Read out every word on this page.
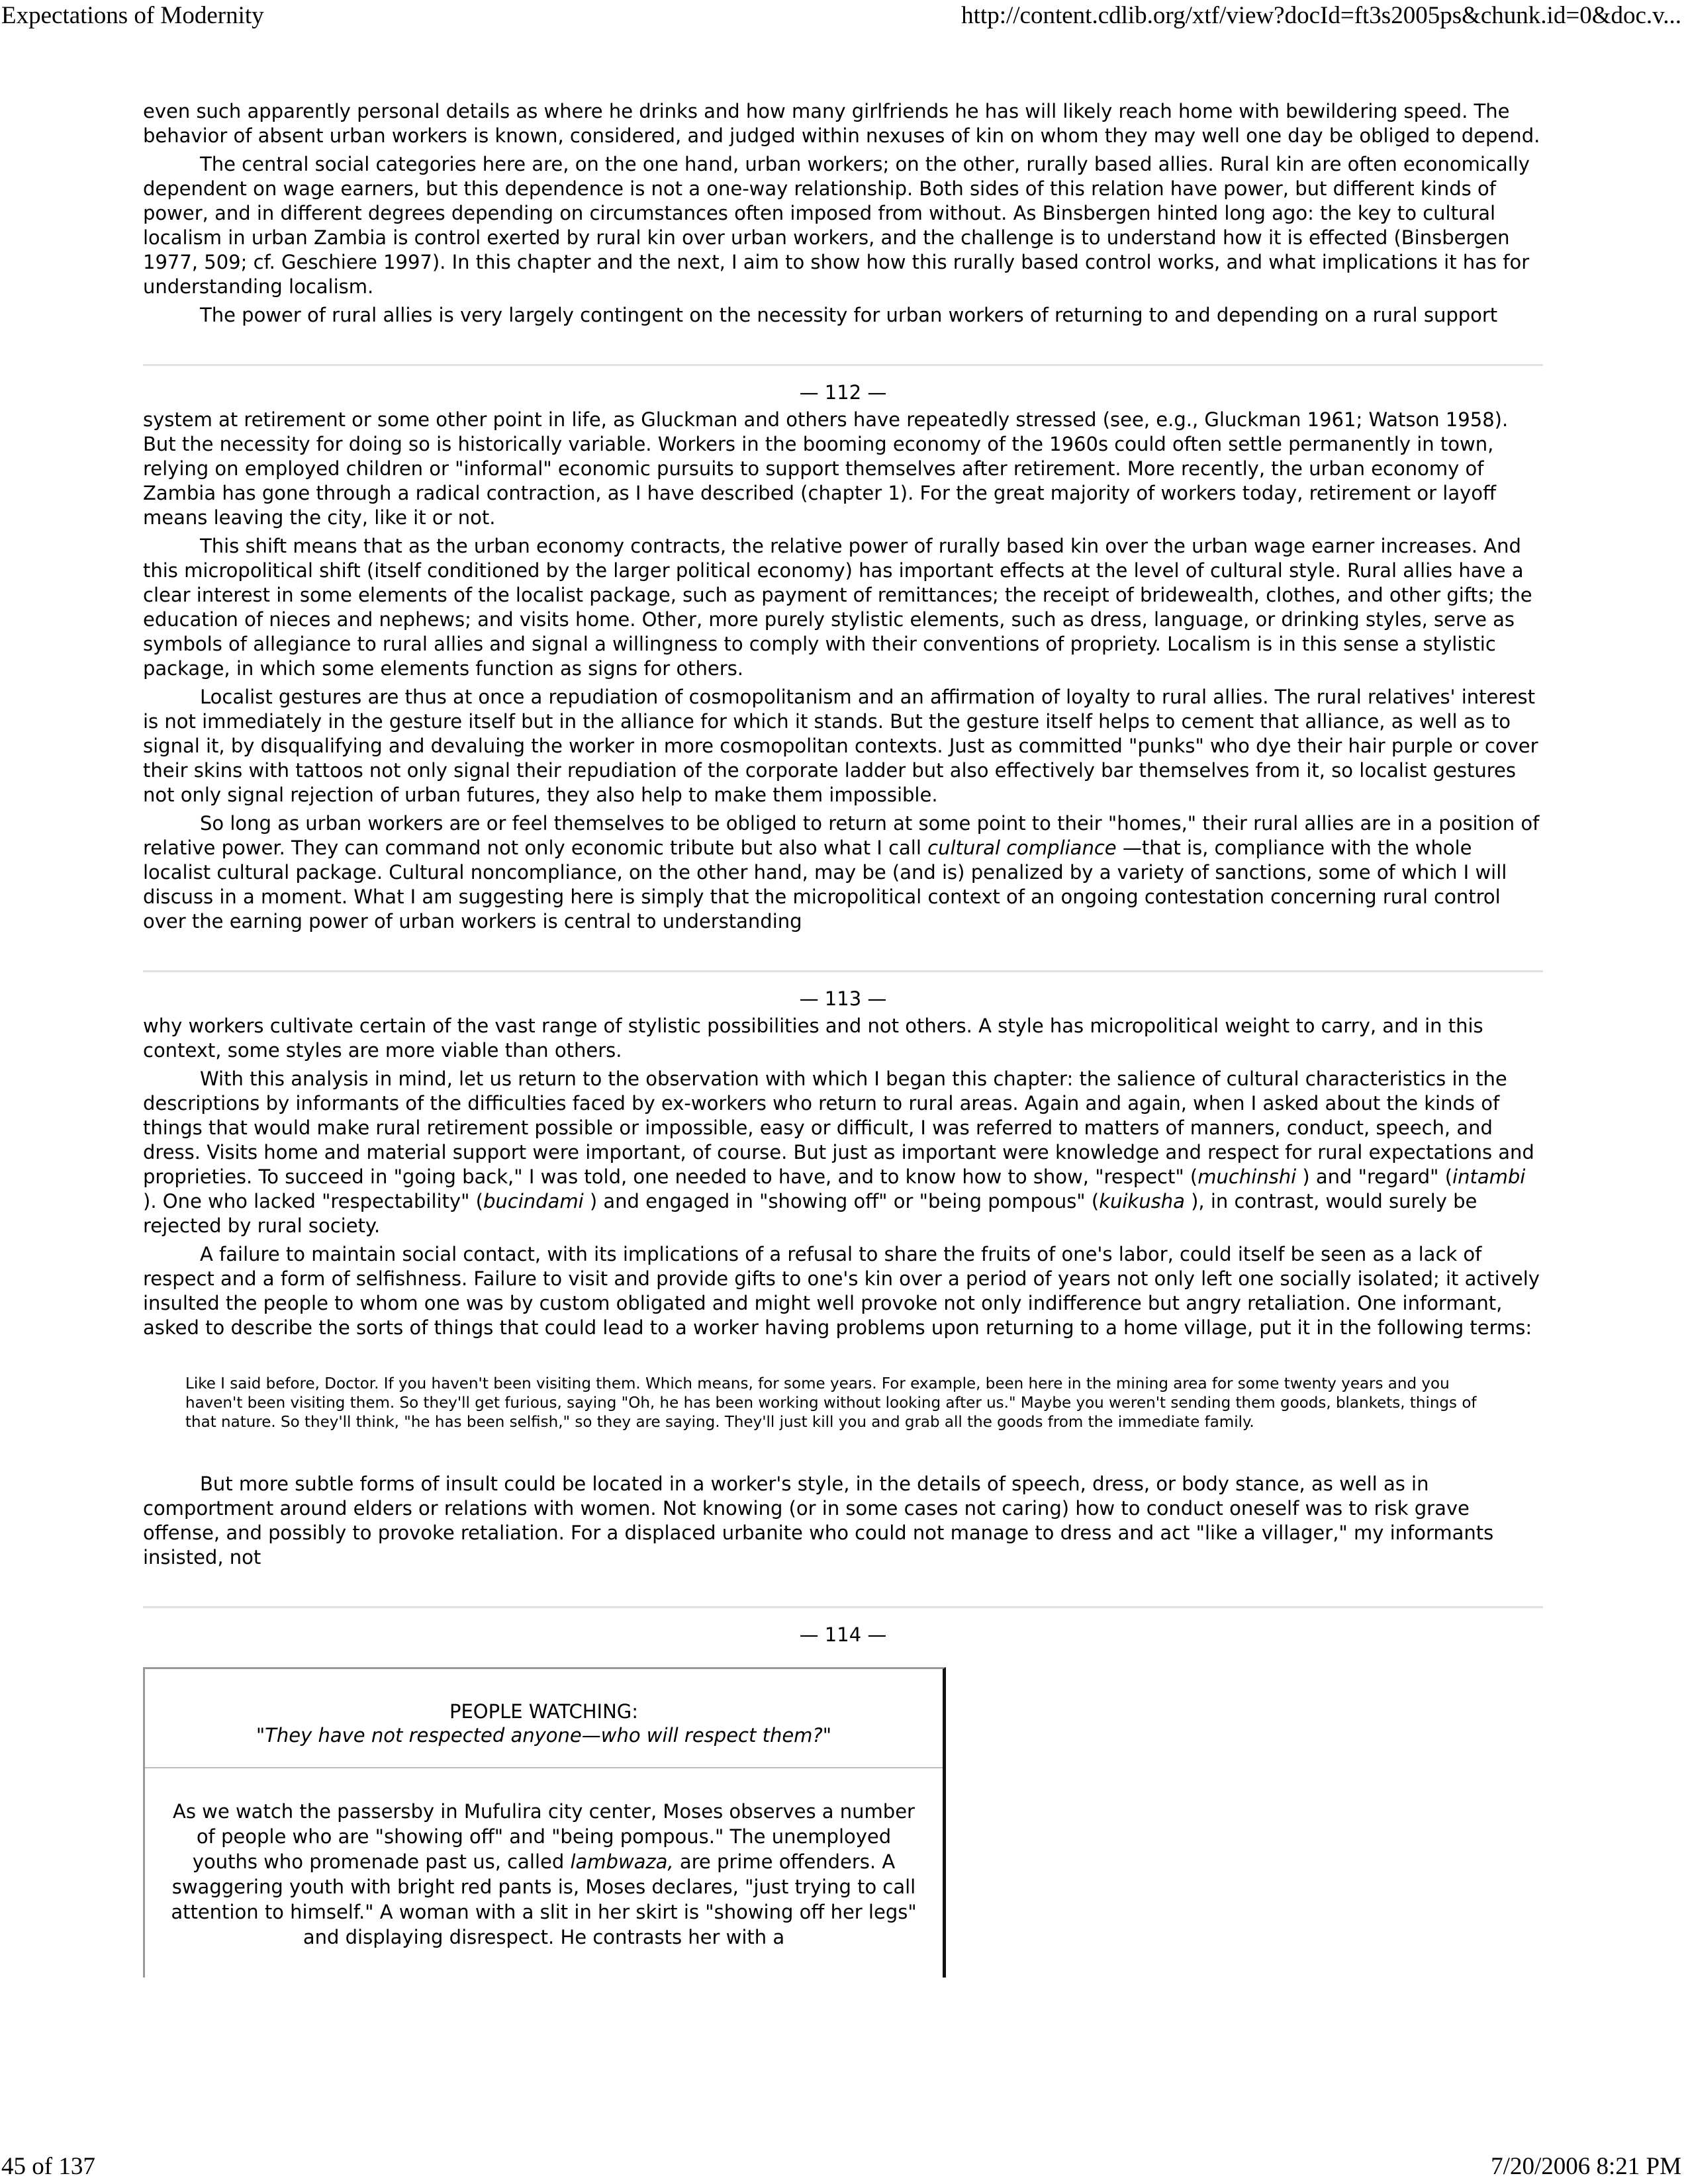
Expectations of Modernity	http://content.cdlib.org/xtf/view?docId=ft3s2005ps&chunk.id=0&doc.v...

even such apparently personal details as where he drinks and how many girlfriends he has will likely reach home with bewildering speed. The behavior of absent urban workers is known, considered, and judged within nexuses of kin on whom they may well one day be obliged to depend.

The central social categories here are, on the one hand, urban workers; on the other, rurally based allies. Rural kin are often economically dependent on wage earners, but this dependence is not a one-way relationship. Both sides of this relation have power, but different kinds of power, and in different degrees depending on circumstances often imposed from without. As Binsbergen hinted long ago: the key to cultural localism in urban Zambia is control exerted by rural kin over urban workers, and the challenge is to understand how it is effected (Binsbergen 1977, 509; cf. Geschiere 1997). In this chapter and the next, I aim to show how this rurally based control works, and what implications it has for understanding localism.

The power of rural allies is very largely contingent on the necessity for urban workers of returning to and depending on a rural support

— 112 —

system at retirement or some other point in life, as Gluckman and others have repeatedly stressed (see, e.g., Gluckman 1961; Watson 1958). But the necessity for doing so is historically variable. Workers in the booming economy of the 1960s could often settle permanently in town, relying on employed children or "informal" economic pursuits to support themselves after retirement. More recently, the urban economy of Zambia has gone through a radical contraction, as I have described (chapter 1). For the great majority of workers today, retirement or layoff means leaving the city, like it or not.

This shift means that as the urban economy contracts, the relative power of rurally based kin over the urban wage earner increases. And this micropolitical shift (itself conditioned by the larger political economy) has important effects at the level of cultural style. Rural allies have a clear interest in some elements of the localist package, such as payment of remittances; the receipt of bridewealth, clothes, and other gifts; the education of nieces and nephews; and visits home. Other, more purely stylistic elements, such as dress, language, or drinking styles, serve as symbols of allegiance to rural allies and signal a willingness to comply with their conventions of propriety. Localism is in this sense a stylistic package, in which some elements function as signs for others.

Localist gestures are thus at once a repudiation of cosmopolitanism and an affirmation of loyalty to rural allies. The rural relatives' interest is not immediately in the gesture itself but in the alliance for which it stands. But the gesture itself helps to cement that alliance, as well as to signal it, by disqualifying and devaluing the worker in more cosmopolitan contexts. Just as committed "punks" who dye their hair purple or cover their skins with tattoos not only signal their repudiation of the corporate ladder but also effectively bar themselves from it, so localist gestures not only signal rejection of urban futures, they also help to make them impossible.

So long as urban workers are or feel themselves to be obliged to return at some point to their "homes," their rural allies are in a position of relative power. They can command not only economic tribute but also what I call cultural compliance —that is, compliance with the whole localist cultural package. Cultural noncompliance, on the other hand, may be (and is) penalized by a variety of sanctions, some of which I will discuss in a moment. What I am suggesting here is simply that the micropolitical context of an ongoing contestation concerning rural control over the earning power of urban workers is central to understanding

— 113 —

why workers cultivate certain of the vast range of stylistic possibilities and not others. A style has micropolitical weight to carry, and in this context, some styles are more viable than others.

With this analysis in mind, let us return to the observation with which I began this chapter: the salience of cultural characteristics in the descriptions by informants of the difficulties faced by ex-workers who return to rural areas. Again and again, when I asked about the kinds of things that would make rural retirement possible or impossible, easy or difficult, I was referred to matters of manners, conduct, speech, and dress. Visits home and material support were important, of course. But just as important were knowledge and respect for rural expectations and proprieties. To succeed in "going back," I was told, one needed to have, and to know how to show, "respect" (muchinshi ) and "regard" (intambi ). One who lacked "respectability" (bucindami ) and engaged in "showing off" or "being pompous" (kuikusha ), in contrast, would surely be rejected by rural society.

A failure to maintain social contact, with its implications of a refusal to share the fruits of one's labor, could itself be seen as a lack of respect and a form of selfishness. Failure to visit and provide gifts to one's kin over a period of years not only left one socially isolated; it actively insulted the people to whom one was by custom obligated and might well provoke not only indifference but angry retaliation. One informant, asked to describe the sorts of things that could lead to a worker having problems upon returning to a home village, put it in the following terms:

Like I said before, Doctor. If you haven't been visiting them. Which means, for some years. For example, been here in the mining area for some twenty years and you haven't been visiting them. So they'll get furious, saying "Oh, he has been working without looking after us." Maybe you weren't sending them goods, blankets, things of that nature. So they'll think, "he has been selfish," so they are saying. They'll just kill you and grab all the goods from the immediate family.

But more subtle forms of insult could be located in a worker's style, in the details of speech, dress, or body stance, as well as in comportment around elders or relations with women. Not knowing (or in some cases not caring) how to conduct oneself was to risk grave offense, and possibly to provoke retaliation. For a displaced urbanite who could not manage to dress and act "like a villager," my informants insisted, not

— 114 —
PEOPLE WATCHING:
"They have not respected anyone—who will respect them?"
As we watch the passersby in Mufulira city center, Moses observes a number of people who are "showing off" and "being pompous." The unemployed youths who promenade past us, called lambwaza, are prime offenders. A swaggering youth with bright red pants is, Moses declares, "just trying to call attention to himself." A woman with a slit in her skirt is "showing off her legs" and displaying disrespect. He contrasts her with a
45 of 137	7/20/2006 8:21 PM
